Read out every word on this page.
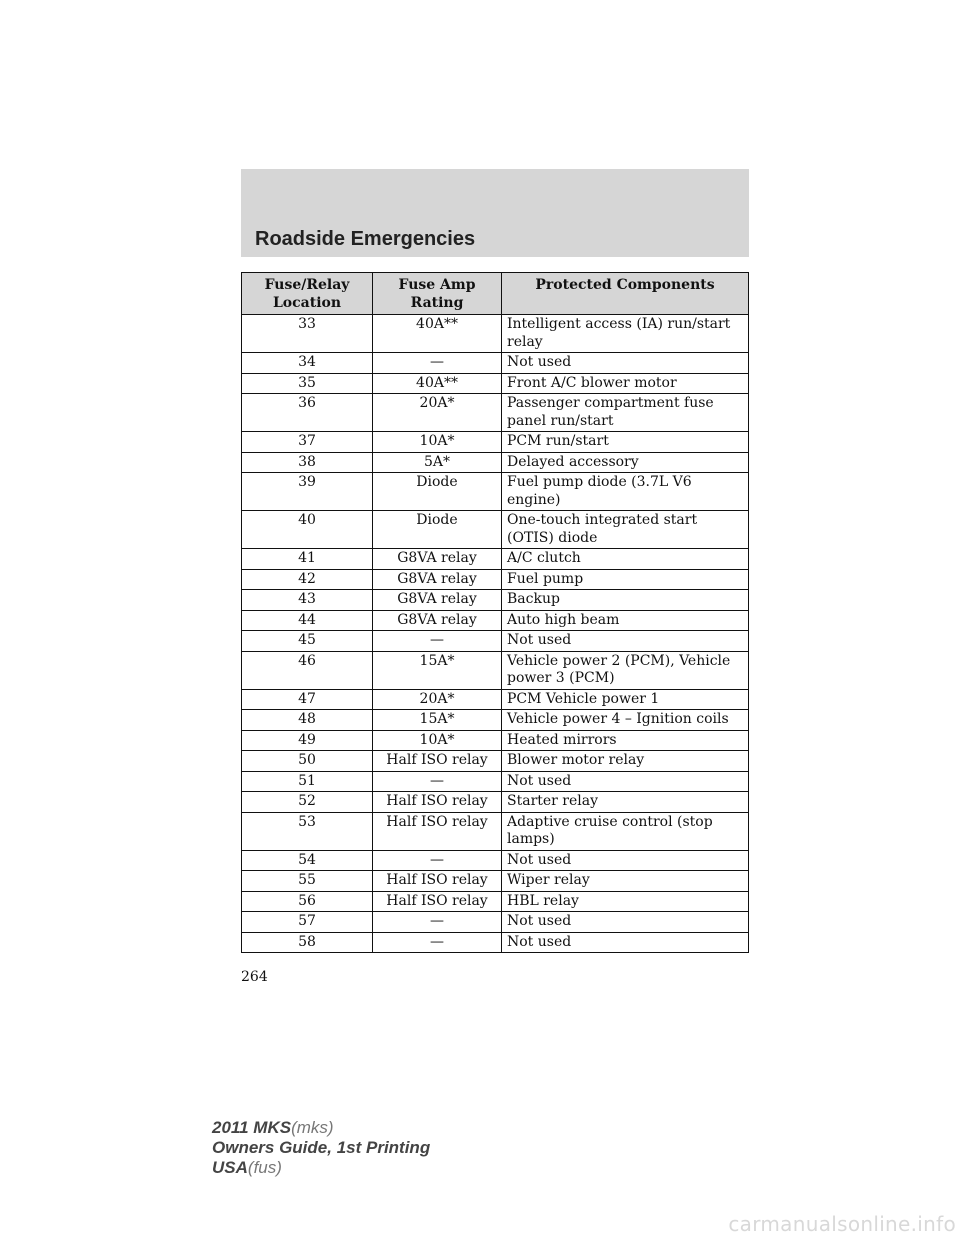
Roadside Emergencies
Fuse/Relay Location	Fuse Amp Rating	Protected Components
33	40A**	Intelligent access (IA) run/start relay
34	—	Not used
35	40A**	Front A/C blower motor
36	20A*	Passenger compartment fuse panel run/start
37	10A*	PCM run/start
38	5A*	Delayed accessory
39	Diode	Fuel pump diode (3.7L V6 engine)
40	Diode	One-touch integrated start (OTIS) diode
41	G8VA relay	A/C clutch
42	G8VA relay	Fuel pump
43	G8VA relay	Backup
44	G8VA relay	Auto high beam
45	—	Not used
46	15A*	Vehicle power 2 (PCM), Vehicle power 3 (PCM)
47	20A*	PCM Vehicle power 1
48	15A*	Vehicle power 4 – Ignition coils
49	10A*	Heated mirrors
50	Half ISO relay	Blower motor relay
51	—	Not used
52	Half ISO relay	Starter relay
53	Half ISO relay	Adaptive cruise control (stop lamps)
54	—	Not used
55	Half ISO relay	Wiper relay
56	Half ISO relay	HBL relay
57	—	Not used
58	—	Not used
264
2011 MKS(mks)
Owners Guide, 1st Printing
USA(fus)
carmanualsonline.info
